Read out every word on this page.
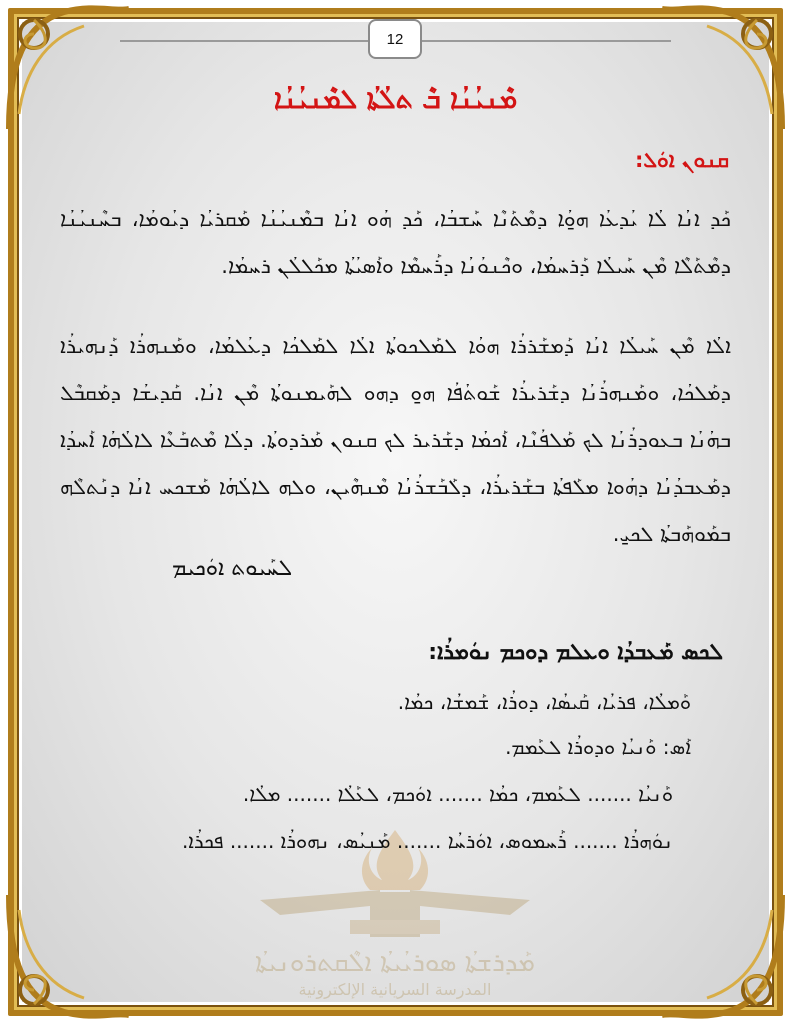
12
ܡܶܢܝܳܢܳܐ ܒܶ ܬܠܳܬܳܐ ܠܡܶܢܝܳܢܳܐ
ܩܢܘܢ ܐܘܿܠ:
ܟܰܕ ܐܢܳܐ ܠܳܐ ܝܳܕܥܳܐ ܗ̱ܘܳܐ ܕܡܶܬܰܢܶܐ ܚܰܫܒܳܐ، ܟܰܕ ܗܳܘ ܐܢܳܐ ܒܡܶܢܝܳܢܳܐ ܡܰܩܪܝܳܐ ܕܝܳܘܡܳܐ، ܒܚܶܢܝܳܢܳܐ ܕܡܶܬܰܠܶܐ ܡܶܢ ܚܰܝܠܳܐ ܕܰܪܚܡܳܐ، ܘܟܶܢܘܳܢܳܐ ܕܪܰܚܡܶܐ ܘܐܰܣܝܳܬܳܐ ܡܟܰܠܠܳܢ ܪܚܡܳܐ.
ܐܠܳܐ ܡܶܢ ܚܰܝܠܳܐ ܐܢܳܐ ܕܰܡܫܰܪܪܳܐ ܗܘܳܐ ܠܡܰܠܟܘܬܳܐ ܐܠܳܐ ܠܡܰܠܟܳܐ ܕܥܳܠܡܳܐ، ܘܡܰܢܗܪܳܐ ܕܰܢܗܝܪܳܐ ܕܡܰܠܟܳܐ، ܘܡܰܢܗܪܳܢܳܐ ܕܫܰܪܝܪܳܐ ܫܰܘܬܳܦܳܐ ܗ̱ܘ ܕܗܘ ܠܗܰܝܡܢܘܬܳܐ ܡܶܢ ܐܢܳܐ. ܩܰܕܝܫܳܐ ܕܡܰܩܒܶܠ ܒܗܳܢܳܐ ܒܥܘܕܪܳܢܳܐ ܠܟ ܡܰܠܦܳܢܶܐ، ܐܰܟܡܳܐ ܕܫܰܪܝܪ ܠܟ ܩܢܘܢ ܡܰܪܕܘܬܳܐ. ܕܠܳܐ ܡܶܬܒܰܥܶܐ ܠܐܠܳܗܳܐ ܐܰܚܕܳܐ ܕܡܰܥܒܕܳܢܳܐ ܕܗܳܘܐ ܡܠܰܦܬܳܐ ܒܫܰܪܝܪܳܐ، ܕܠܰܒܰܫܪܳܢܳܐ ܡܶܢܗܶܝܢ، ܘܠܗ ܠܐܠܳܗܳܐ ܡܰܫܟܚ ܐܢܳܐ ܕܢܰܬܠܶܗ ܒܡܰܘܗܰܒܬܳܐ ܠܟ̱ܝ.
ܠܚܰܝܘܬ ܐܘܿܟܝܡ
ܡܰܕܪܫܬܳܐ ܣܘܪܝܳܝܬܳܐ ܐܠܶܩܬܪܘܢܝܬܳܐ
المدرسة السريانية الإلكترونية
ܠܟܣ ܡܰܥܒܕܳܐ ܘܥܠܡ ܕܘܟܡ ܢܘܿܡܪܳܐ:
ܘܰܡܠܳܐ، ܦܪܝܳܐ، ܩܰܝܣܳܐ، ܕܘܪܳܐ، ܫܰܡܫܳܐ، ܟܡܳܐ.
ܐܰܣ: ܘܰܢܝܳܐ ܘܕܘܪܳܐ ܠܥܰܡܡ.
ܘܰܢܝܳܐ ....... ܠܥܰܡܡ، ܟܡܳܐ ....... ܐܘܿܟܡ، ܠܥܰܠܳܐ ....... ܡܠܳܐ.
ܢܘܿܗܪܳܐ ....... ܪܰܚܡܘܣ، ܐܘܿܪܚܳܐ ....... ܡܰܢܝܳܣ، ܢܗܘܪܳܐ ....... ܦܟܪܳܐ.
